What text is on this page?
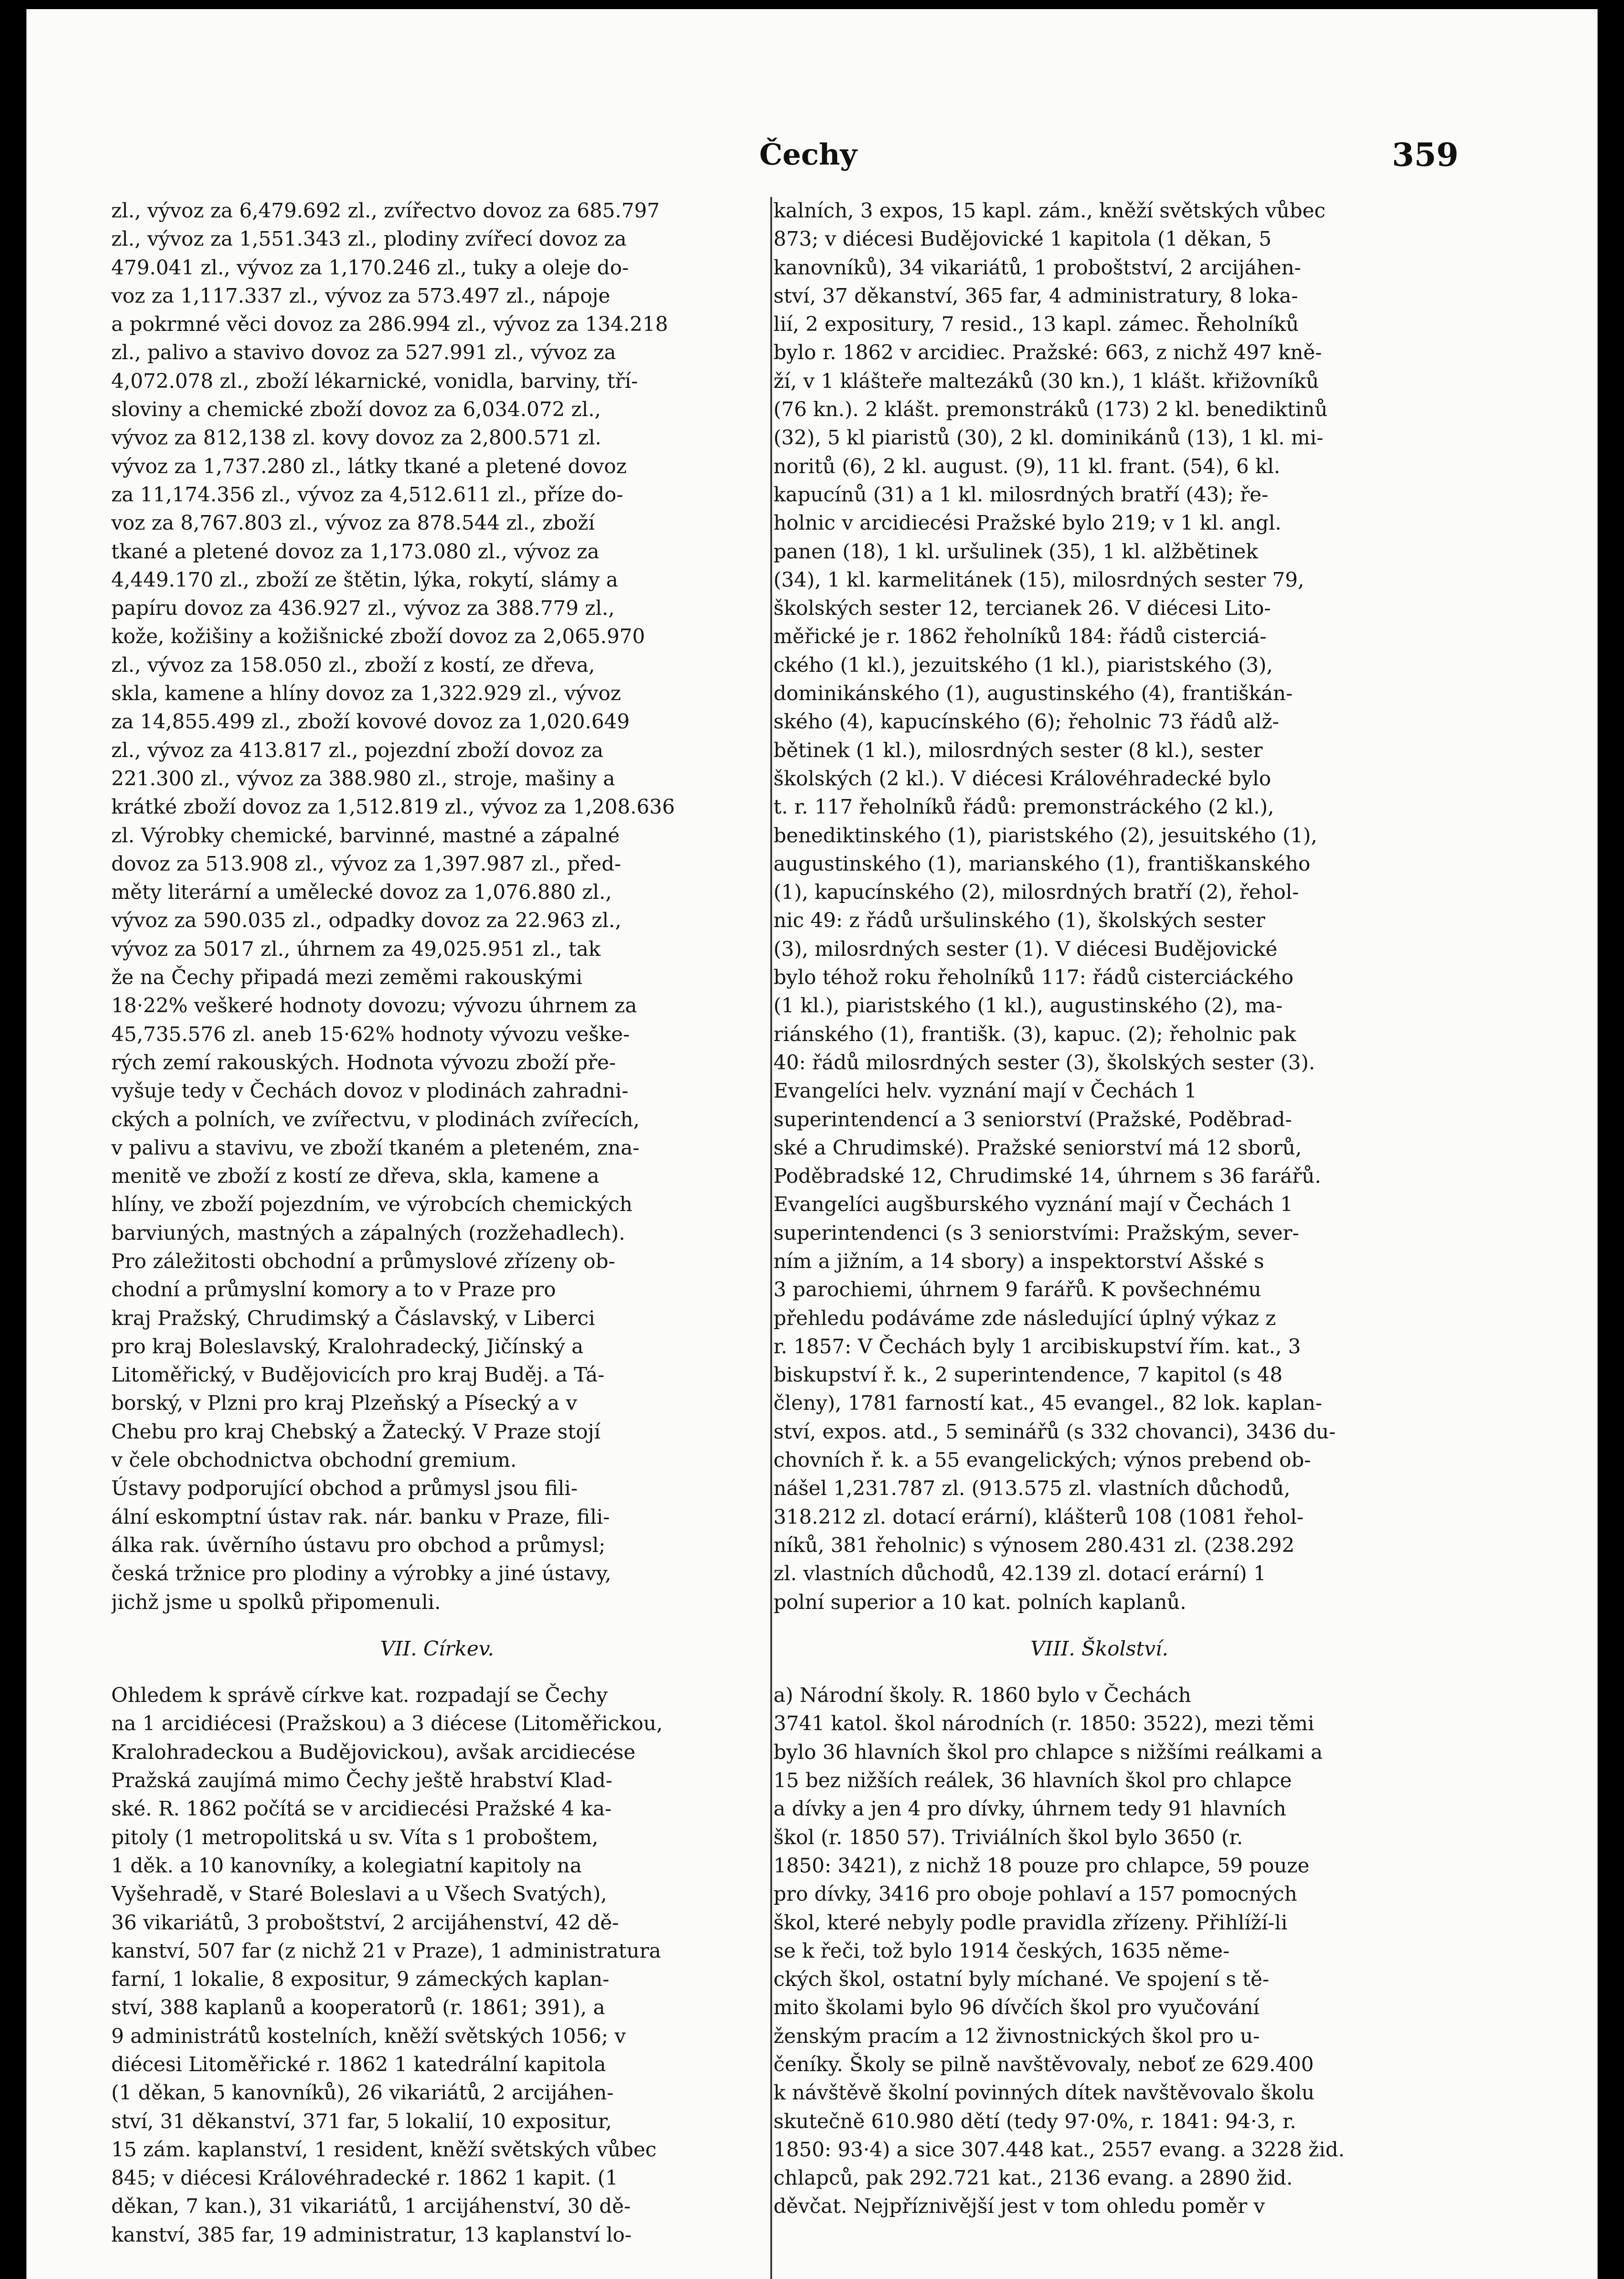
Čechy	359
zl., vývoz za 6,479.692 zl., zvířectvo dovoz za 685.797
zl., vývoz za 1,551.343 zl., plodiny zvířecí dovoz za
479.041 zl., vývoz za 1,170.246 zl., tuky a oleje do-
voz za 1,117.337 zl., vývoz za 573.497 zl., nápoje
a pokrmné věci dovoz za 286.994 zl., vývoz za 134.218
zl., palivo a stavivo dovoz za 527.991 zl., vývoz za
4,072.078 zl., zboží lékarnické, vonidla, barviny, tří-
sloviny a chemické zboží dovoz za 6,034.072 zl.,
vývoz za 812,138 zl. kovy dovoz za 2,800.571 zl.
vývoz za 1,737.280 zl., látky tkané a pletené dovoz
za 11,174.356 zl., vývoz za 4,512.611 zl., příze do-
voz za 8,767.803 zl., vývoz za 878.544 zl., zboží
tkané a pletené dovoz za 1,173.080 zl., vývoz za
4,449.170 zl., zboží ze štětin, lýka, rokytí, slámy a
papíru dovoz za 436.927 zl., vývoz za 388.779 zl.,
kože, kožišiny a kožišnické zboží dovoz za 2,065.970
zl., vývoz za 158.050 zl., zboží z kostí, ze dřeva,
skla, kamene a hlíny dovoz za 1,322.929 zl., vývoz
za 14,855.499 zl., zboží kovové dovoz za 1,020.649
zl., vývoz za 413.817 zl., pojezdní zboží dovoz za
221.300 zl., vývoz za 388.980 zl., stroje, mašiny a
krátké zboží dovoz za 1,512.819 zl., vývoz za 1,208.636
zl. Výrobky chemické, barvinné, mastné a zápalné
dovoz za 513.908 zl., vývoz za 1,397.987 zl., před-
měty literární a umělecké dovoz za 1,076.880 zl.,
vývoz za 590.035 zl., odpadky dovoz za 22.963 zl.,
vývoz za 5017 zl., úhrnem za 49,025.951 zl., tak
že na Čechy připadá mezi zeměmi rakouskými
18·22% veškeré hodnoty dovozu; vývozu úhrnem za
45,735.576 zl. aneb 15·62% hodnoty vývozu veške-
rých zemí rakouských. Hodnota vývozu zboží pře-
vyšuje tedy v Čechách dovoz v plodinách zahradni-
ckých a polních, ve zvířectvu, v plodinách zvířecích,
v palivu a stavivu, ve zboží tkaném a pleteném, zna-
menitě ve zboží z kostí ze dřeva, skla, kamene a
hlíny, ve zboží pojezdním, ve výrobcích chemických
barviuných, mastných a zápalných (rozžehadlech).
Pro záležitosti obchodní a průmyslové zřízeny ob-
chodní a průmyslní komory a to v Praze pro
kraj Pražský, Chrudimský a Čáslavský, v Liberci
pro kraj Boleslavský, Kralohradecký, Jičínský a
Litoměřický, v Budějovicích pro kraj Buděj. a Tá-
borský, v Plzni pro kraj Plzeňský a Písecký a v
Chebu pro kraj Chebský a Žatecký. V Praze stojí
v čele obchodnictva obchodní gremium.
Ústavy podporující obchod a průmysl jsou fili-
ální eskomptní ústav rak. nár. banku v Praze, fili-
álka rak. úvěrního ústavu pro obchod a průmysl;
česká tržnice pro plodiny a výrobky a jiné ústavy,
jichž jsme u spolků připomenuli.
VII. Církev.
Ohledem k správě církve kat. rozpadají se Čechy
na 1 arcidiécesi (Pražskou) a 3 diécese (Litoměřickou,
Kralohradeckou a Budějovickou), avšak arcidiecése
Pražská zaujímá mimo Čechy ještě hrabství Klad-
ské. R. 1862 počítá se v arcidiecési Pražské 4 ka-
pitoly (1 metropolitská u sv. Víta s 1 proboštem,
1 děk. a 10 kanovníky, a kolegiatní kapitoly na
Vyšehradě, v Staré Boleslavi a u Všech Svatých),
36 vikariátů, 3 proboštství, 2 arcijáhenství, 42 dě-
kanství, 507 far (z nichž 21 v Praze), 1 administratura
farní, 1 lokalie, 8 expositur, 9 zámeckých kaplan-
ství, 388 kaplanů a kooperatorů (r. 1861; 391), a
9 administrátů kostelních, kněží světských 1056; v
diécesi Litoměřické r. 1862 1 katedrální kapitola
(1 děkan, 5 kanovníků), 26 vikariátů, 2 arcijáhen-
ství, 31 děkanství, 371 far, 5 lokalií, 10 expositur,
15 zám. kaplanství, 1 resident, kněží světských vůbec
845; v diécesi Královéhradecké r. 1862 1 kapit. (1
děkan, 7 kan.), 31 vikariátů, 1 arcijáhenství, 30 dě-
kanství, 385 far, 19 administratur, 13 kaplanství lo-
kalních, 3 expos, 15 kapl. zám., kněží světských vůbec
873; v diécesi Budějovické 1 kapitola (1 děkan, 5
kanovníků), 34 vikariátů, 1 proboštství, 2 arcijáhen-
ství, 37 děkanství, 365 far, 4 administratury, 8 loka-
lií, 2 expositury, 7 resid., 13 kapl. zámec. Řeholníků
bylo r. 1862 v arcidiec. Pražské: 663, z nichž 497 kně-
ží, v 1 klášteře maltezáků (30 kn.), 1 klášt. křižovníků
(76 kn.). 2 klášt. premonstráků (173) 2 kl. benediktinů
(32), 5 kl piaristů (30), 2 kl. dominikánů (13), 1 kl. mi-
noritů (6), 2 kl. august. (9), 11 kl. frant. (54), 6 kl.
kapucínů (31) a 1 kl. milosrdných bratří (43); ře-
holnic v arcidiecési Pražské bylo 219; v 1 kl. angl.
panen (18), 1 kl. uršulinek (35), 1 kl. alžbětinek
(34), 1 kl. karmelitánek (15), milosrdných sester 79,
školských sester 12, tercianek 26. V diécesi Lito-
měřické je r. 1862 řeholníků 184: řádů cisterciá-
ckého (1 kl.), jezuitského (1 kl.), piaristského (3),
dominikánského (1), augustinského (4), františkán-
ského (4), kapucínského (6); řeholnic 73 řádů alž-
bětinek (1 kl.), milosrdných sester (8 kl.), sester
školských (2 kl.). V diécesi Královéhradecké bylo
t. r. 117 řeholníků řádů: premonstráckého (2 kl.),
benediktinského (1), piaristského (2), jesuitského (1),
augustinského (1), marianského (1), františkanského
(1), kapucínského (2), milosrdných bratří (2), řehol-
nic 49: z řádů uršulinského (1), školských sester
(3), milosrdných sester (1). V diécesi Budějovické
bylo téhož roku řeholníků 117: řádů cisterciáckého
(1 kl.), piaristského (1 kl.), augustinského (2), ma-
riánského (1), františk. (3), kapuc. (2); řeholnic pak
40: řádů milosrdných sester (3), školských sester (3).
Evangelíci helv. vyznání mají v Čechách 1
superintendencí a 3 seniorství (Pražské, Poděbrad-
ské a Chrudimské). Pražské seniorství má 12 sborů,
Poděbradské 12, Chrudimské 14, úhrnem s 36 farářů.
Evangelíci augšburského vyznání mají v Čechách 1
superintendenci (s 3 seniorstvími: Pražským, sever-
ním a jižním, a 14 sbory) a inspektorství Ašské s
3 parochiemi, úhrnem 9 farářů. K povšechnému
přehledu podáváme zde následující úplný výkaz z
r. 1857: V Čechách byly 1 arcibiskupství řím. kat., 3
biskupství ř. k., 2 superintendence, 7 kapitol (s 48
členy), 1781 farností kat., 45 evangel., 82 lok. kaplan-
ství, expos. atd., 5 seminářů (s 332 chovanci), 3436 du-
chovních ř. k. a 55 evangelických; výnos prebend ob-
nášel 1,231.787 zl. (913.575 zl. vlastních důchodů,
318.212 zl. dotací erární), klášterů 108 (1081 řehol-
níků, 381 řeholnic) s výnosem 280.431 zl. (238.292
zl. vlastních důchodů, 42.139 zl. dotací erární) 1
polní superior a 10 kat. polních kaplanů.
VIII. Školství.
a) Národní školy. R. 1860 bylo v Čechách
3741 katol. škol národních (r. 1850: 3522), mezi těmi
bylo 36 hlavních škol pro chlapce s nižšími reálkami a
15 bez nižších reálek, 36 hlavních škol pro chlapce
a dívky a jen 4 pro dívky, úhrnem tedy 91 hlavních
škol (r. 1850 57). Triviálních škol bylo 3650 (r.
1850: 3421), z nichž 18 pouze pro chlapce, 59 pouze
pro dívky, 3416 pro oboje pohlaví a 157 pomocných
škol, které nebyly podle pravidla zřízeny. Přihlíží-li
se k řeči, tož bylo 1914 českých, 1635 něme-
ckých škol, ostatní byly míchané. Ve spojení s tě-
mito školami bylo 96 dívčích škol pro vyučování
ženským pracím a 12 živnostnických škol pro u-
čeníky. Školy se pilně navštěvovaly, neboť ze 629.400
k návštěvě školní povinných dítek navštěvovalo školu
skutečně 610.980 dětí (tedy 97·0%, r. 1841: 94·3, r.
1850: 93·4) a sice 307.448 kat., 2557 evang. a 3228 žid.
chlapců, pak 292.721 kat., 2136 evang. a 2890 žid.
děvčat. Nejpříznivější jest v tom ohledu poměr v
